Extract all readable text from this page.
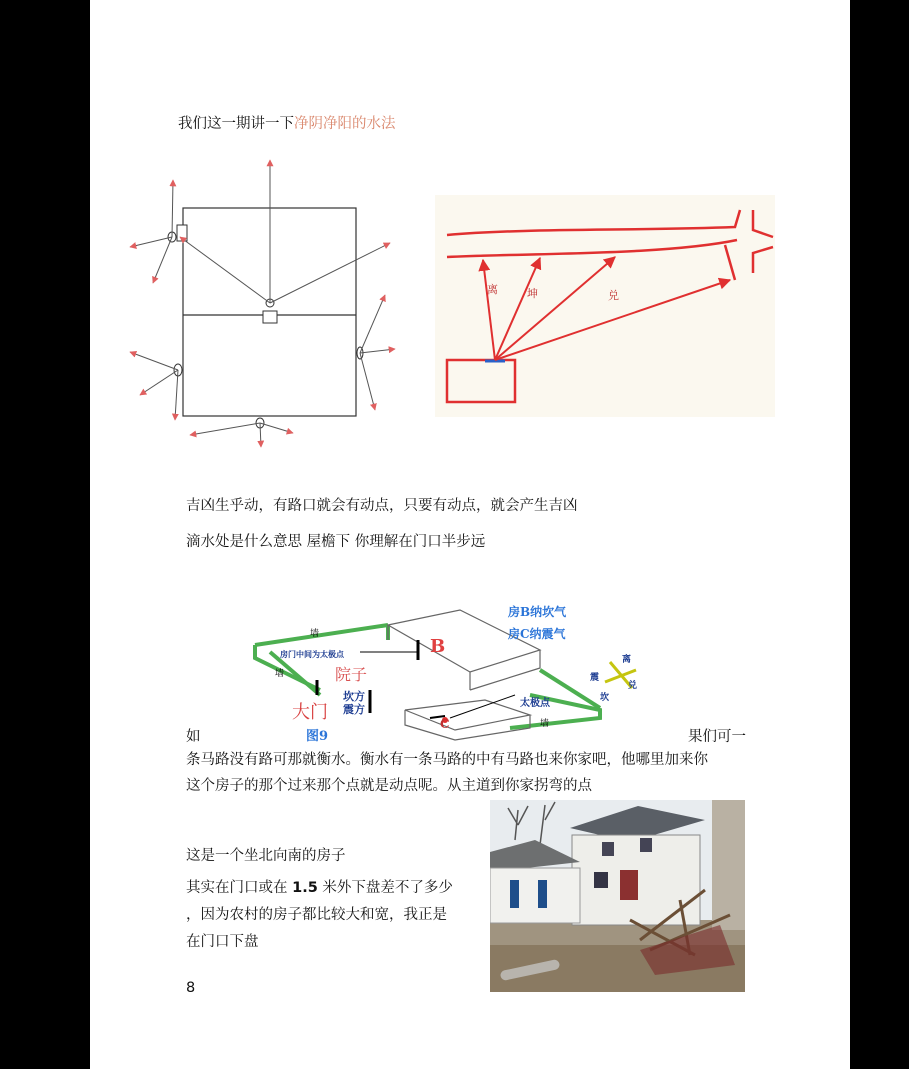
我们这一期讲一下净阴净阳的水法
离	坤	兑
吉凶生乎动，有路口就会有动点，只要有动点，就会产生吉凶
滴水处是什么意思 屋檐下 你理解在门口半步远
房B纳坎气
房C纳震气
房门中间为太极点	B
C
院子
墙
墙
墙
坎方
震方	太极点
大门
图9
离
震
兑
坎
如	果们可一
条马路没有路可那就衡水。衡水有一条马路的中有马路也来你家吧，他哪里加来你
这个房子的那个过来那个点就是动点呢。从主道到你家拐弯的点
这是一个坐北向南的房子
其实在门口或在 1.5 米外下盘差不了多少
，因为农村的房子都比较大和宽，我正是
在门口下盘
8
